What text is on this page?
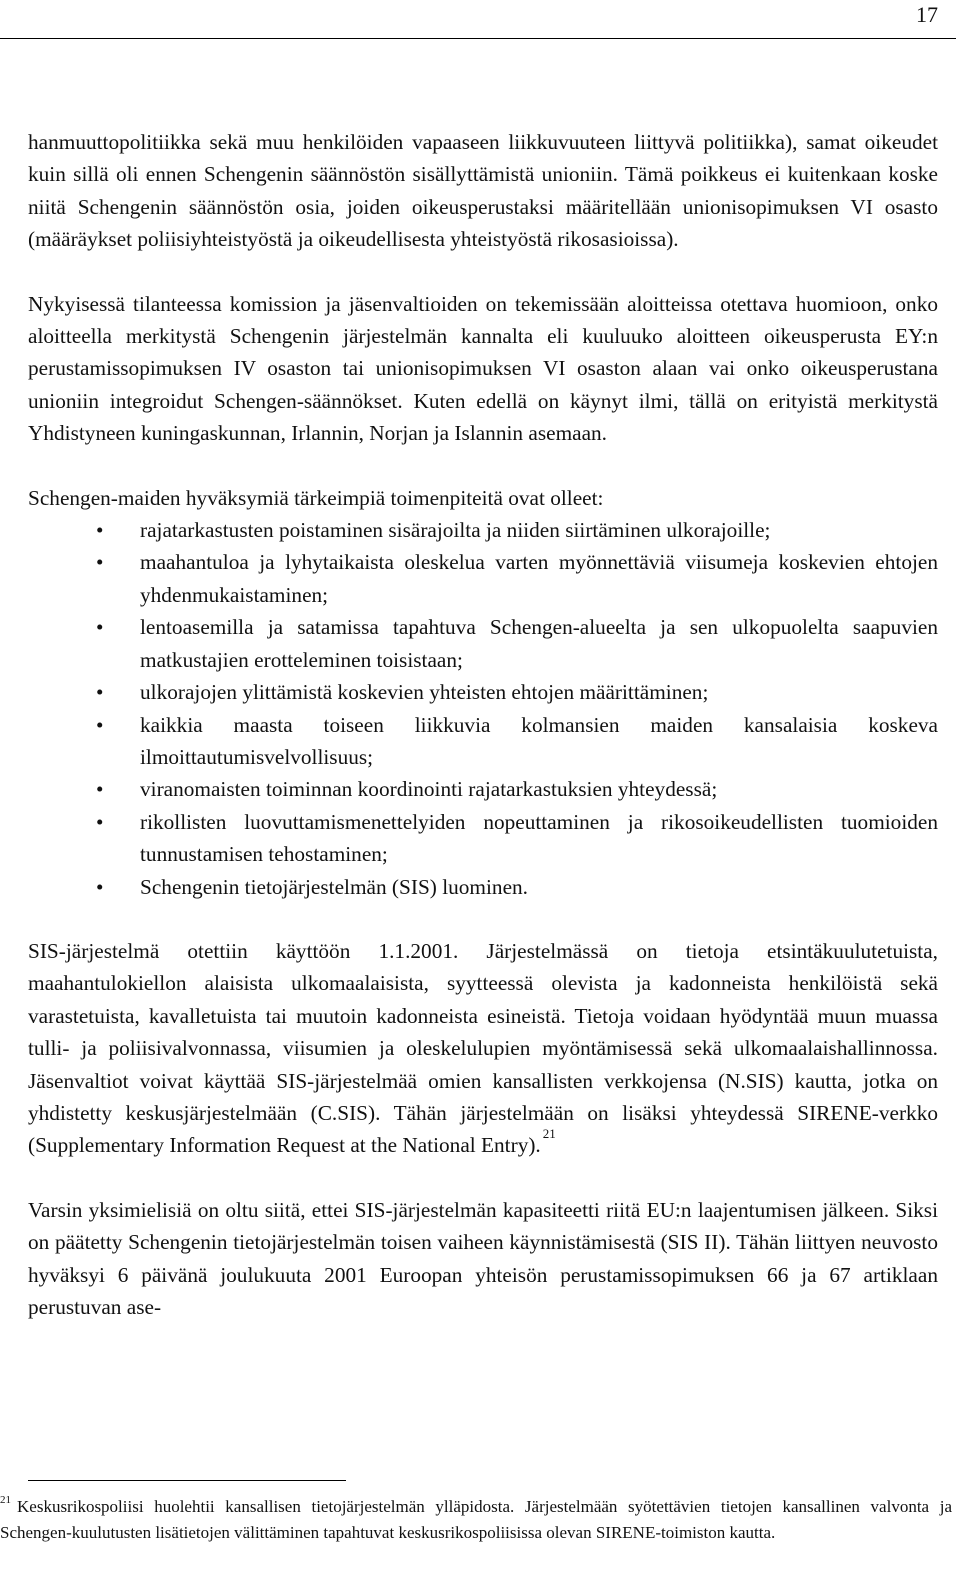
17

hanmuuttopolitiikka sekä muu henkilöiden vapaaseen liikkuvuuteen liittyvä politiikka), samat oikeudet kuin sillä oli ennen Schengenin säännöstön sisällyttämistä unioniin. Tämä poikkeus ei kuitenkaan koske niitä Schengenin säännöstön osia, joiden oikeusperustaksi määritellään unionisopimuksen VI osasto (määräykset poliisiyhteistyöstä ja oikeudellisesta yhteistyöstä rikosasioissa).

Nykyisessä tilanteessa komission ja jäsenvaltioiden on tekemissään aloitteissa otettava huomioon, onko aloitteella merkitystä Schengenin järjestelmän kannalta eli kuuluuko aloitteen oikeusperusta EY:n perustamissopimuksen IV osaston tai unionisopimuksen VI osaston alaan vai onko oikeusperustana unioniin integroidut Schengen-säännökset. Kuten edellä on käynyt ilmi, tällä on erityistä merkitystä Yhdistyneen kuningaskunnan, Irlannin, Norjan ja Islannin asemaan.

Schengen-maiden hyväksymiä tärkeimpiä toimenpiteitä ovat olleet:

•	rajatarkastusten poistaminen sisärajoilta ja niiden siirtäminen ulkorajoille;
•	maahantuloa ja lyhytaikaista oleskelua varten myönnettäviä viisumeja koskevien ehtojen yhdenmukaistaminen;
•	lentoasemilla ja satamissa tapahtuva Schengen-alueelta ja sen ulkopuolelta saapuvien matkustajien erotteleminen toisistaan;
•	ulkorajojen ylittämistä koskevien yhteisten ehtojen määrittäminen;
•	kaikkia maasta toiseen liikkuvia kolmansien maiden kansalaisia koskeva ilmoittautumisvelvollisuus;
•	viranomaisten toiminnan koordinointi rajatarkastuksien yhteydessä;
•	rikollisten luovuttamismenettelyiden nopeuttaminen ja rikosoikeudellisten tuomioiden tunnustamisen tehostaminen;
•	Schengenin tietojärjestelmän (SIS) luominen.

SIS-järjestelmä otettiin käyttöön 1.1.2001. Järjestelmässä on tietoja etsintäkuulutetuista, maahantulokiellon alaisista ulkomaalaisista, syytteessä olevista ja kadonneista henkilöistä sekä varastetuista, kavalletuista tai muutoin kadonneista esineistä. Tietoja voidaan hyödyntää muun muassa tulli- ja poliisivalvonnassa, viisumien ja oleskelulupien myöntämisessä sekä ulkomaalaishallinnossa. Jäsenvaltiot voivat käyttää SIS-järjestelmää omien kansallisten verkkojensa (N.SIS) kautta, jotka on yhdistetty keskusjärjestelmään (C.SIS). Tähän järjestelmään on lisäksi yhteydessä SIRENE-verkko (Supplementary Information Request at the National Entry). $^{21}$

Varsin yksimielisiä on oltu siitä, ettei SIS-järjestelmän kapasiteetti riitä EU:n laajentumisen jälkeen. Siksi on päätetty Schengenin tietojärjestelmän toisen vaiheen käynnistämisestä (SIS II). Tähän liittyen neuvosto hyväksyi 6 päivänä joulukuuta 2001 Euroopan yhteisön perustamissopimuksen 66 ja 67 artiklaan perustuvan ase-

$^{21}$ Keskusrikospoliisi huolehtii kansallisen tietojärjestelmän ylläpidosta. Järjestelmään syötettävien tietojen kansallinen valvonta ja Schengen-kuulutusten lisätietojen välittäminen tapahtuvat keskusrikospoliisissa olevan SIRENE-toimiston kautta.
